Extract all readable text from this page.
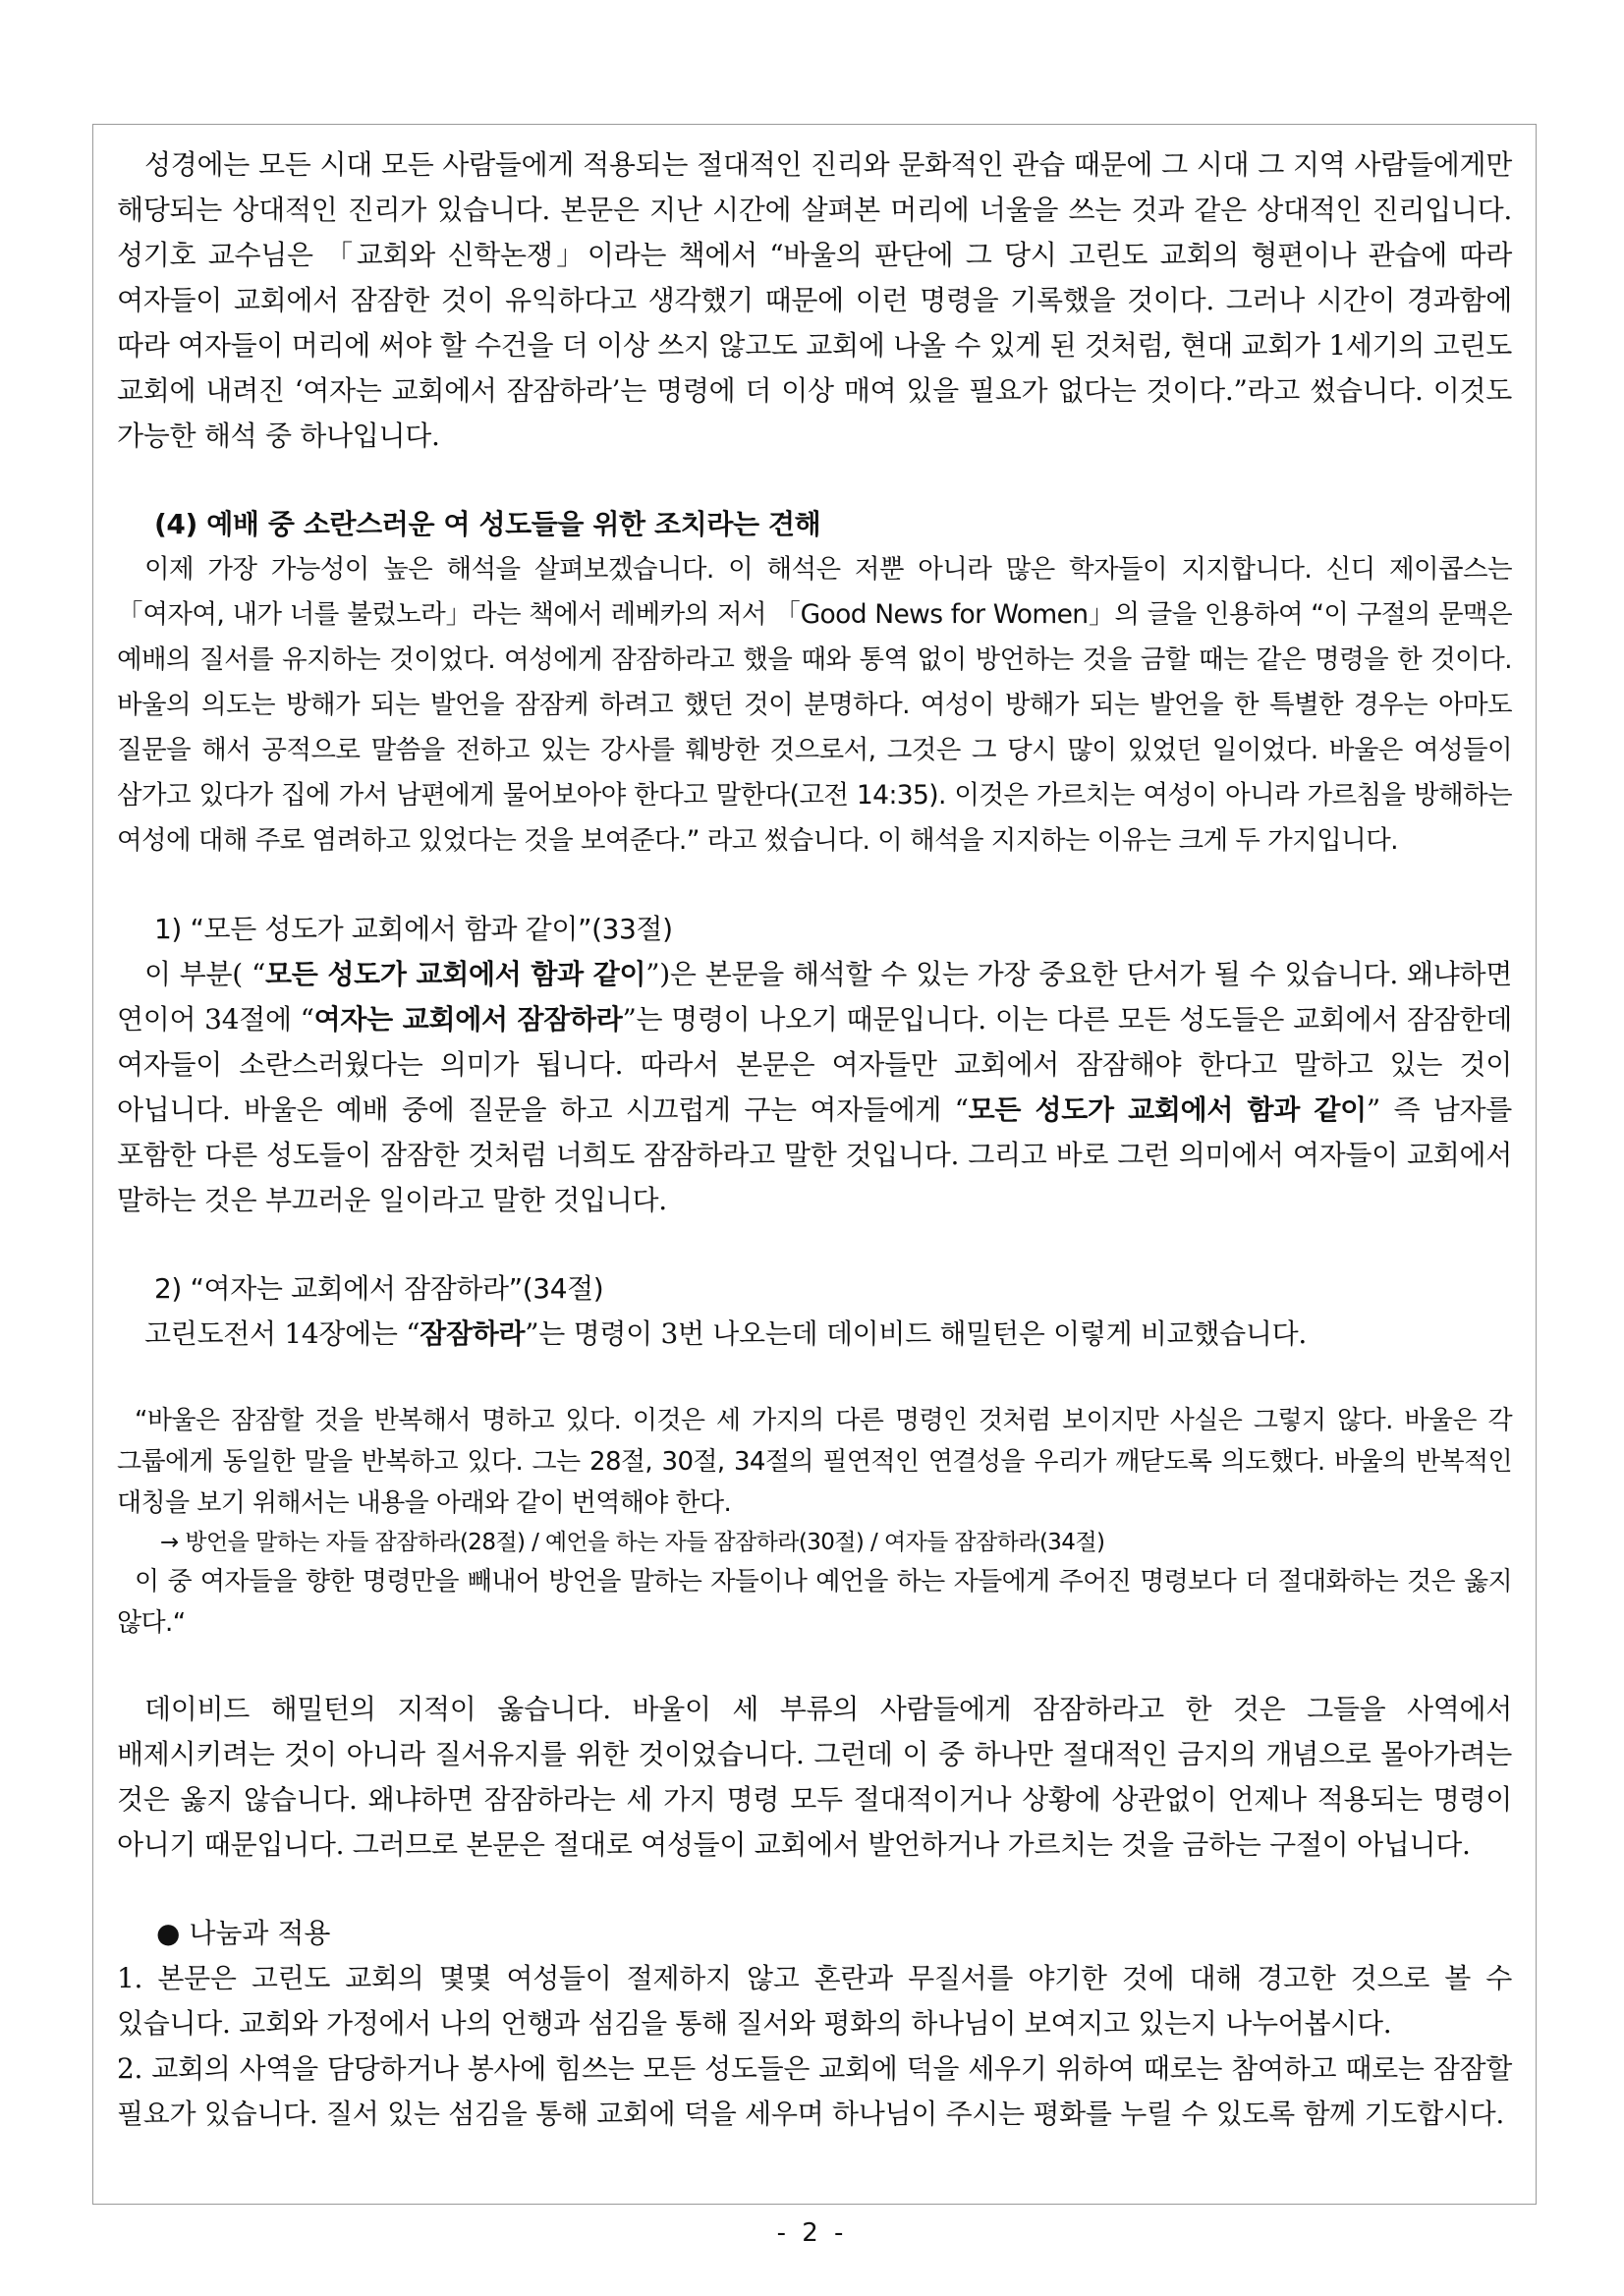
성경에는 모든 시대 모든 사람들에게 적용되는 절대적인 진리와 문화적인 관습 때문에 그 시대 그 지역 사람들에게만 해당되는 상대적인 진리가 있습니다. 본문은 지난 시간에 살펴본 머리에 너울을 쓰는 것과 같은 상대적인 진리입니다. 성기호 교수님은 「교회와 신학논쟁」이라는 책에서 “바울의 판단에 그 당시 고린도 교회의 형편이나 관습에 따라 여자들이 교회에서 잠잠한 것이 유익하다고 생각했기 때문에 이런 명령을 기록했을 것이다. 그러나 시간이 경과함에 따라 여자들이 머리에 써야 할 수건을 더 이상 쓰지 않고도 교회에 나올 수 있게 된 것처럼, 현대 교회가 1세기의 고린도 교회에 내려진 ‘여자는 교회에서 잠잠하라’는 명령에 더 이상 매여 있을 필요가 없다는 것이다.”라고 썼습니다. 이것도 가능한 해석 중 하나입니다.

(4) 예배 중 소란스러운 여 성도들을 위한 조치라는 견해

이제 가장 가능성이 높은 해석을 살펴보겠습니다. 이 해석은 저뿐 아니라 많은 학자들이 지지합니다. 신디 제이콥스는 「여자여, 내가 너를 불렀노라」라는 책에서 레베카의 저서 「Good News for Women」의 글을 인용하여 “이 구절의 문맥은 예배의 질서를 유지하는 것이었다. 여성에게 잠잠하라고 했을 때와 통역 없이 방언하는 것을 금할 때는 같은 명령을 한 것이다. 바울의 의도는 방해가 되는 발언을 잠잠케 하려고 했던 것이 분명하다. 여성이 방해가 되는 발언을 한 특별한 경우는 아마도 질문을 해서 공적으로 말씀을 전하고 있는 강사를 훼방한 것으로서, 그것은 그 당시 많이 있었던 일이었다. 바울은 여성들이 삼가고 있다가 집에 가서 남편에게 물어보아야 한다고 말한다(고전 14:35). 이것은 가르치는 여성이 아니라 가르침을 방해하는 여성에 대해 주로 염려하고 있었다는 것을 보여준다.” 라고 썼습니다. 이 해석을 지지하는 이유는 크게 두 가지입니다.

1) “모든 성도가 교회에서 함과 같이”(33절)

이 부분( “모든 성도가 교회에서 함과 같이”)은 본문을 해석할 수 있는 가장 중요한 단서가 될 수 있습니다. 왜냐하면 연이어 34절에 “여자는 교회에서 잠잠하라”는 명령이 나오기 때문입니다. 이는 다른 모든 성도들은 교회에서 잠잠한데 여자들이 소란스러웠다는 의미가 됩니다. 따라서 본문은 여자들만 교회에서 잠잠해야 한다고 말하고 있는 것이 아닙니다. 바울은 예배 중에 질문을 하고 시끄럽게 구는 여자들에게 “모든 성도가 교회에서 함과 같이” 즉 남자를 포함한 다른 성도들이 잠잠한 것처럼 너희도 잠잠하라고 말한 것입니다. 그리고 바로 그런 의미에서 여자들이 교회에서 말하는 것은 부끄러운 일이라고 말한 것입니다.

2) “여자는 교회에서 잠잠하라”(34절)

고린도전서 14장에는 “잠잠하라”는 명령이 3번 나오는데 데이비드 해밀턴은 이렇게 비교했습니다.

“바울은 잠잠할 것을 반복해서 명하고 있다. 이것은 세 가지의 다른 명령인 것처럼 보이지만 사실은 그렇지 않다. 바울은 각 그룹에게 동일한 말을 반복하고 있다. 그는 28절, 30절, 34절의 필연적인 연결성을 우리가 깨닫도록 의도했다. 바울의 반복적인 대칭을 보기 위해서는 내용을 아래와 같이 번역해야 한다.

→ 방언을 말하는 자들 잠잠하라(28절) / 예언을 하는 자들 잠잠하라(30절) / 여자들 잠잠하라(34절)

이 중 여자들을 향한 명령만을 빼내어 방언을 말하는 자들이나 예언을 하는 자들에게 주어진 명령보다 더 절대화하는 것은 옳지 않다.“

데이비드 해밀턴의 지적이 옳습니다. 바울이 세 부류의 사람들에게 잠잠하라고 한 것은 그들을 사역에서 배제시키려는 것이 아니라 질서유지를 위한 것이었습니다. 그런데 이 중 하나만 절대적인 금지의 개념으로 몰아가려는 것은 옳지 않습니다. 왜냐하면 잠잠하라는 세 가지 명령 모두 절대적이거나 상황에 상관없이 언제나 적용되는 명령이 아니기 때문입니다. 그러므로 본문은 절대로 여성들이 교회에서 발언하거나 가르치는 것을 금하는 구절이 아닙니다.

● 나눔과 적용

1. 본문은 고린도 교회의 몇몇 여성들이 절제하지 않고 혼란과 무질서를 야기한 것에 대해 경고한 것으로 볼 수 있습니다. 교회와 가정에서 나의 언행과 섬김을 통해 질서와 평화의 하나님이 보여지고 있는지 나누어봅시다.

2. 교회의 사역을 담당하거나 봉사에 힘쓰는 모든 성도들은 교회에 덕을 세우기 위하여 때로는 참여하고 때로는 잠잠할 필요가 있습니다. 질서 있는 섬김을 통해 교회에 덕을 세우며 하나님이 주시는 평화를 누릴 수 있도록 함께 기도합시다.

- 2 -
